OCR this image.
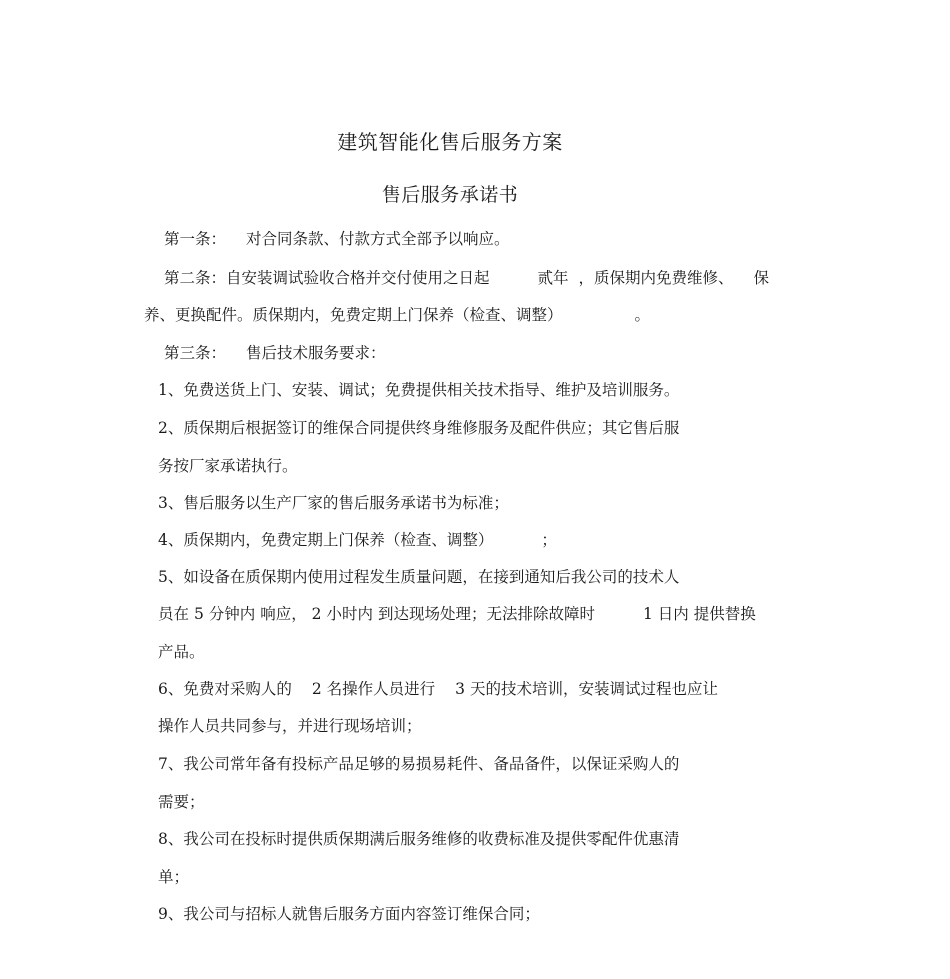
建筑智能化售后服务方案
售后服务承诺书
第一条： 对合同条款、付款方式全部予以响应。
第二条：自安装调试验收合格并交付使用之日起	贰年 ，质保期内免费维修、 保
养、更换配件。质保期内，免费定期上门保养（检查、调整）	。
第三条： 售后技术服务要求：
1、免费送货上门、安装、调试；免费提供相关技术指导、维护及培训服务。
2、质保期后根据签订的维保合同提供终身维修服务及配件供应；其它售后服
务按厂家承诺执行。
3、售后服务以生产厂家的售后服务承诺书为标准；
4、质保期内，免费定期上门保养（检查、调整）	；
5、如设备在质保期内使用过程发生质量问题，在接到通知后我公司的技术人
员在 5 分钟内 响应， 2 小时内 到达现场处理；无法排除故障时	1 日内 提供替换
产品。
6、免费对采购人的 2 名操作人员进行 3 天的技术培训，安装调试过程也应让
操作人员共同参与，并进行现场培训；
7、我公司常年备有投标产品足够的易损易耗件、备品备件，以保证采购人的
需要；
8、我公司在投标时提供质保期满后服务维修的收费标准及提供零配件优惠清
单；
9、我公司与招标人就售后服务方面内容签订维保合同；
